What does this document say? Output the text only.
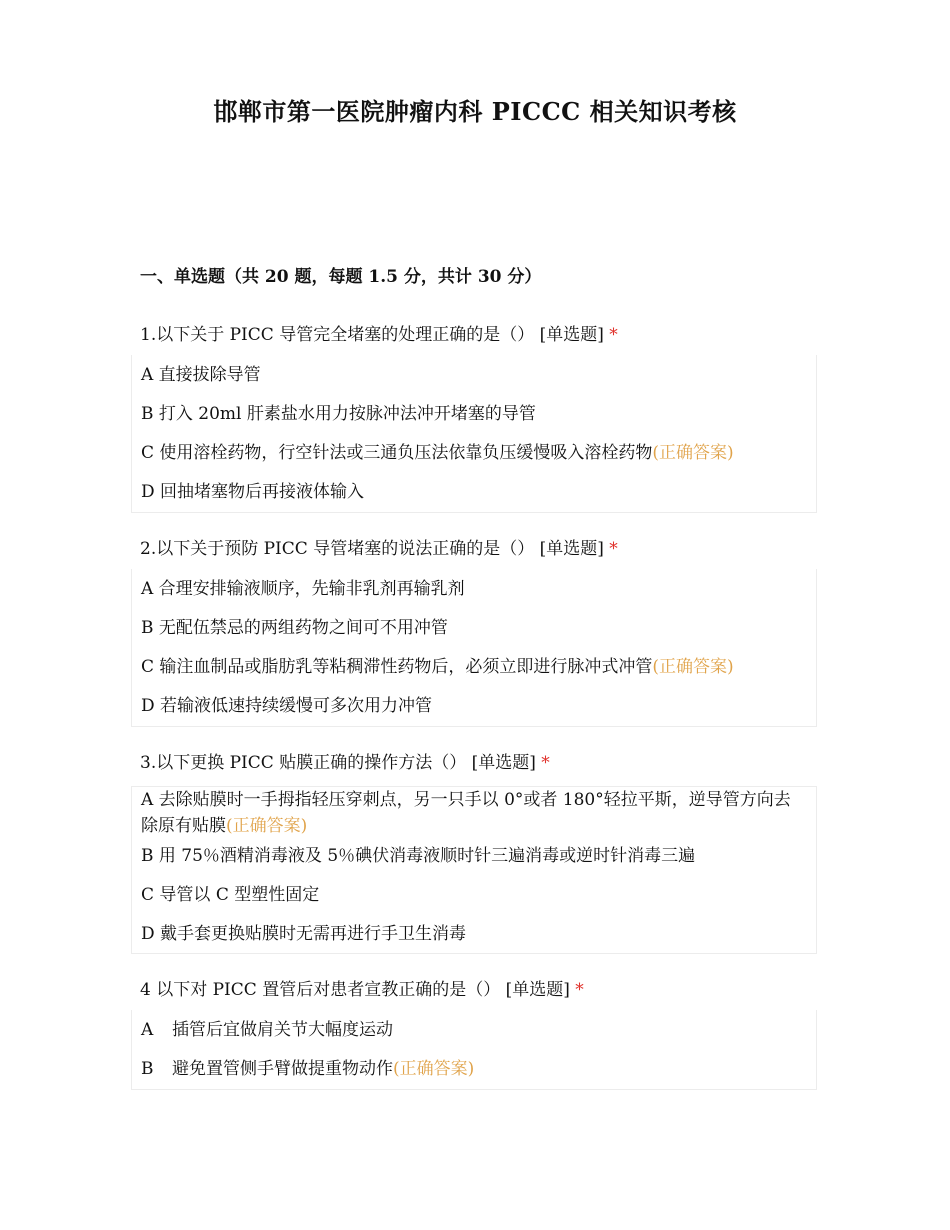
邯郸市第一医院肿瘤内科 PICCC 相关知识考核
一、单选题（共 20 题，每题 1.5 分，共计 30 分）
1.以下关于 PICC 导管完全堵塞的处理正确的是（） [单选题] *
A 直接拔除导管
B 打入 20ml 肝素盐水用力按脉冲法冲开堵塞的导管
C 使用溶栓药物，行空针法或三通负压法依靠负压缓慢吸入溶栓药物(正确答案)
D 回抽堵塞物后再接液体输入
2.以下关于预防 PICC 导管堵塞的说法正确的是（） [单选题] *
A 合理安排输液顺序，先输非乳剂再输乳剂
B 无配伍禁忌的两组药物之间可不用冲管
C 输注血制品或脂肪乳等粘稠滞性药物后，必须立即进行脉冲式冲管(正确答案)
D 若输液低速持续缓慢可多次用力冲管
3.以下更换 PICC 贴膜正确的操作方法（） [单选题] *
A 去除贴膜时一手拇指轻压穿刺点，另一只手以 0°或者 180°轻拉平斯，逆导管方向去除原有贴膜(正确答案)
B 用 75％酒精消毒液及 5％碘伏消毒液顺时针三遍消毒或逆时针消毒三遍
C 导管以 C 型塑性固定
D 戴手套更换贴膜时无需再进行手卫生消毒
4 以下对 PICC 置管后对患者宣教正确的是（） [单选题] *
A 插管后宜做肩关节大幅度运动
B 避免置管侧手臂做提重物动作(正确答案)
